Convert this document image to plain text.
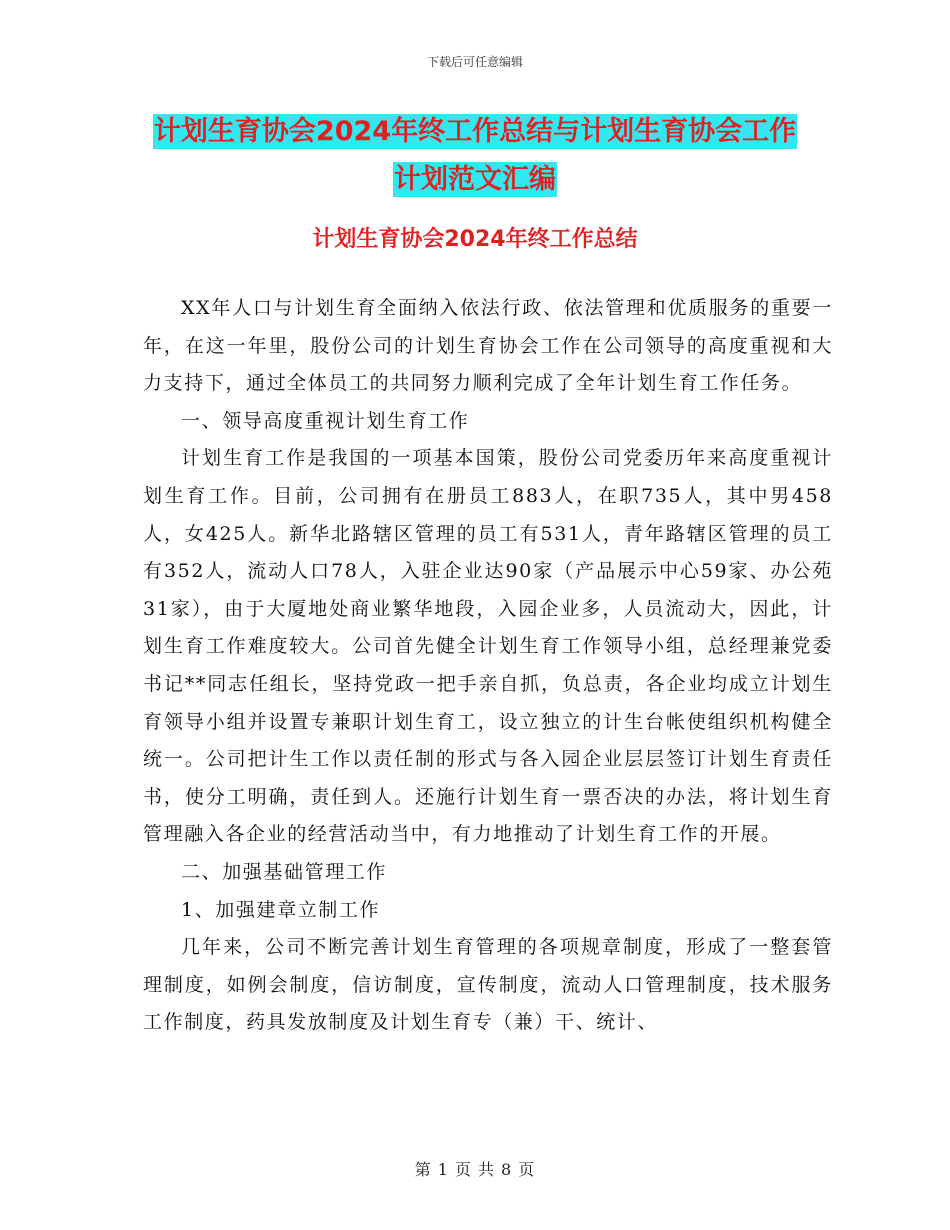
下载后可任意编辑
计划生育协会2024年终工作总结与计划生育协会工作
计划范文汇编
计划生育协会2024年终工作总结

XX年人口与计划生育全面纳入依法行政、依法管理和优质服务的重要一年，在这一年里，股份公司的计划生育协会工作在公司领导的高度重视和大力支持下，通过全体员工的共同努力顺利完成了全年计划生育工作任务。

一、领导高度重视计划生育工作

计划生育工作是我国的一项基本国策，股份公司党委历年来高度重视计划生育工作。目前，公司拥有在册员工883人，在职735人，其中男458人，女425人。新华北路辖区管理的员工有531人，青年路辖区管理的员工有352人，流动人口78人，入驻企业达90家（产品展示中心59家、办公苑31家），由于大厦地处商业繁华地段，入园企业多，人员流动大，因此，计划生育工作难度较大。公司首先健全计划生育工作领导小组，总经理兼党委书记**同志任组长，坚持党政一把手亲自抓，负总责，各企业均成立计划生育领导小组并设置专兼职计划生育工，设立独立的计生台帐使组织机构健全统一。公司把计生工作以责任制的形式与各入园企业层层签订计划生育责任书，使分工明确，责任到人。还施行计划生育一票否决的办法，将计划生育管理融入各企业的经营活动当中，有力地推动了计划生育工作的开展。

二、加强基础管理工作

1、加强建章立制工作

几年来，公司不断完善计划生育管理的各项规章制度，形成了一整套管理制度，如例会制度，信访制度，宣传制度，流动人口管理制度，技术服务工作制度，药具发放制度及计划生育专（兼）干、统计、

第 1 页 共 8 页
